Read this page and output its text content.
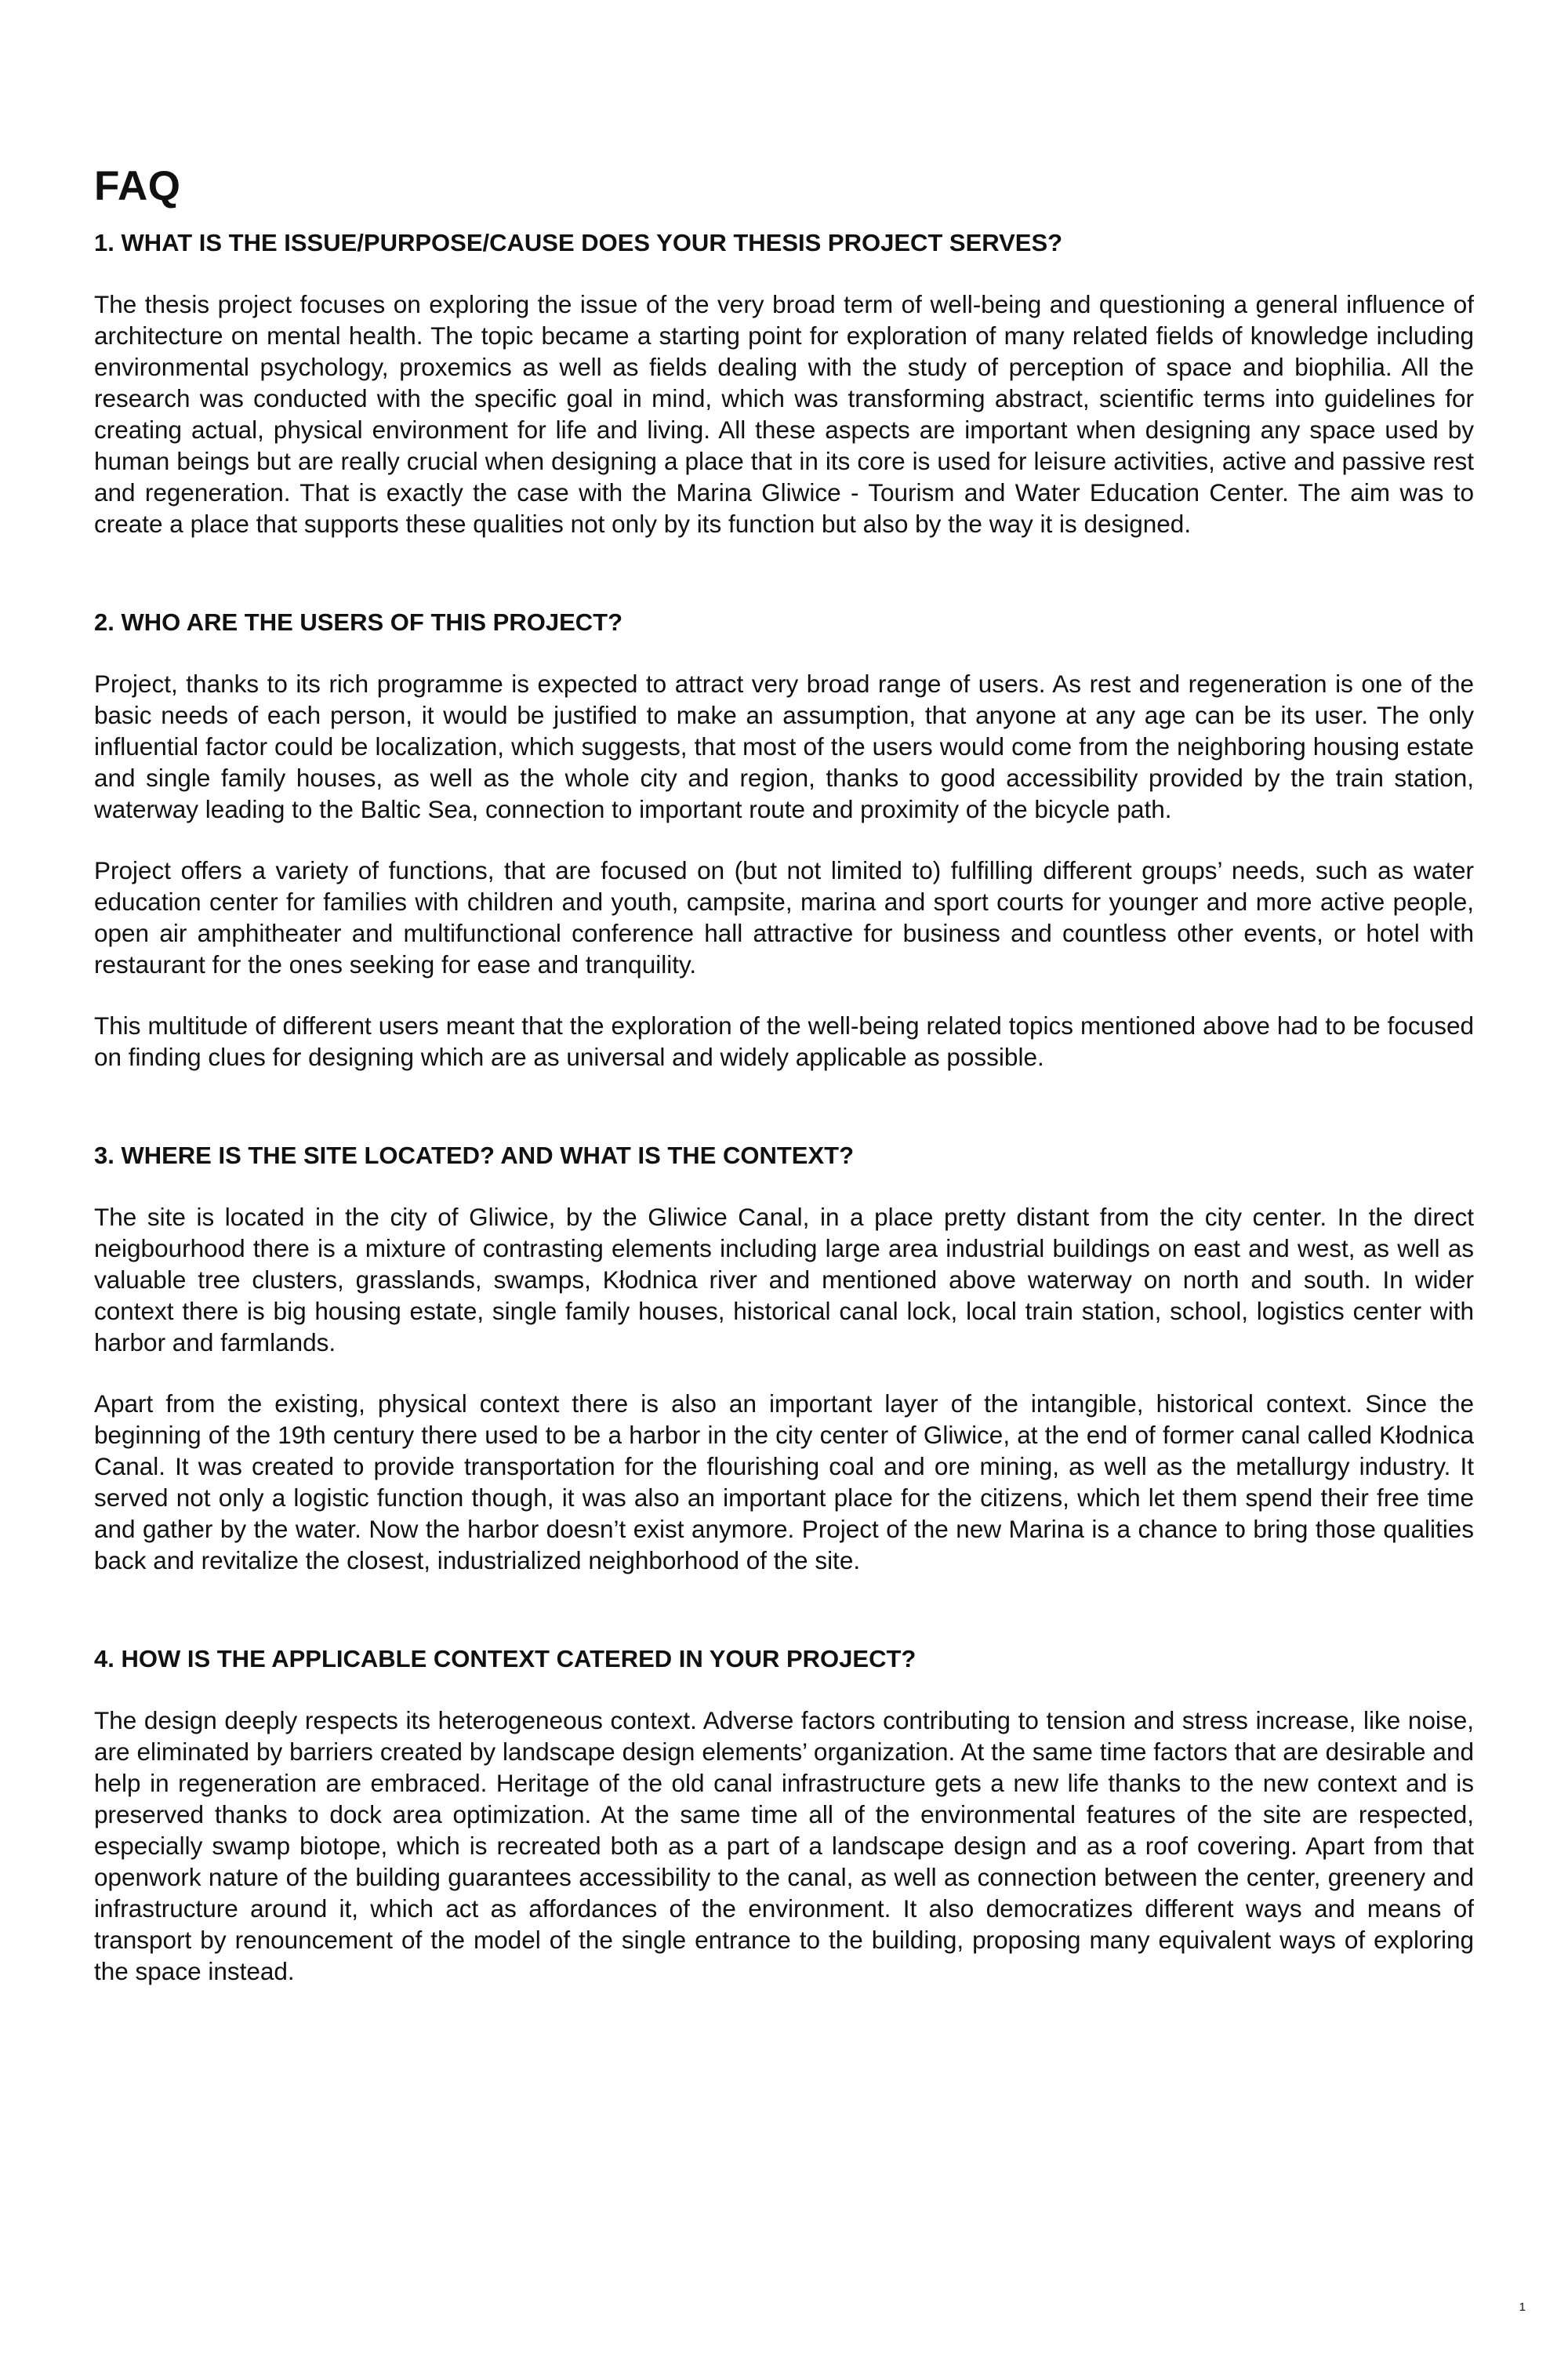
FAQ
1. WHAT IS THE ISSUE/PURPOSE/CAUSE DOES YOUR THESIS PROJECT SERVES?

The thesis project focuses on exploring the issue of the very broad term of well-being and questioning a general influence of architecture on mental health. The topic became a starting point for exploration of many related fields of knowledge including environmental psychology, proxemics as well as fields dealing with the study of perception of space and biophilia. All the research was conducted with the specific goal in mind, which was transforming abstract, scientific terms into guidelines for creating actual, physical environment for life and living. All these aspects are important when designing any space used by human beings but are really crucial when designing a place that in its core is used for leisure activities, active and passive rest and regeneration. That is exactly the case with the Marina Gliwice - Tourism and Water Education Center. The aim was to create a place that supports these qualities not only by its function but also by the way it is designed.

2. WHO ARE THE USERS OF THIS PROJECT?

Project, thanks to its rich programme is expected to attract very broad range of users. As rest and regeneration is one of the basic needs of each person, it would be justified to make an assumption, that anyone at any age can be its user. The only influential factor could be localization, which suggests, that most of the users would come from the neighboring housing estate and single family houses, as well as the whole city and region, thanks to good accessibility provided by the train station, waterway leading to the Baltic Sea, connection to important route and proximity of the bicycle path.

Project offers a variety of functions, that are focused on (but not limited to) fulfilling different groups’ needs, such as water education center for families with children and youth, campsite, marina and sport courts for younger and more active people, open air amphitheater and multifunctional conference hall attractive for business and countless other events, or hotel with restaurant for the ones seeking for ease and tranquility.

This multitude of different users meant that the exploration of the well-being related topics mentioned above had to be focused on finding clues for designing which are as universal and widely applicable as possible.

3. WHERE IS THE SITE LOCATED? AND WHAT IS THE CONTEXT?

The site is located in the city of Gliwice, by the Gliwice Canal, in a place pretty distant from the city center. In the direct neigbourhood there is a mixture of contrasting elements including large area industrial buildings on east and west, as well as valuable tree clusters, grasslands, swamps, Kłodnica river and mentioned above waterway on north and south. In wider context there is big housing estate, single family houses, historical canal lock, local train station, school, logistics center with harbor and farmlands.

Apart from the existing, physical context there is also an important layer of the intangible, historical context. Since the beginning of the 19th century there used to be a harbor in the city center of Gliwice, at the end of former canal called Kłodnica Canal. It was created to provide transportation for the flourishing coal and ore mining, as well as the metallurgy industry. It served not only a logistic function though, it was also an important place for the citizens, which let them spend their free time and gather by the water. Now the harbor doesn’t exist anymore. Project of the new Marina is a chance to bring those qualities back and revitalize the closest, industrialized neighborhood of the site.

4. HOW IS THE APPLICABLE CONTEXT CATERED IN YOUR PROJECT?

The design deeply respects its heterogeneous context. Adverse factors contributing to tension and stress increase, like noise, are eliminated by barriers created by landscape design elements’ organization. At the same time factors that are desirable and help in regeneration are embraced. Heritage of the old canal infrastructure gets a new life thanks to the new context and is preserved thanks to dock area optimization. At the same time all of the environmental features of the site are respected, especially swamp biotope, which is recreated both as a part of a landscape design and as a roof covering. Apart from that openwork nature of the building guarantees accessibility to the canal, as well as connection between the center, greenery and infrastructure around it, which act as affordances of the environment. It also democratizes different ways and means of transport by renouncement of the model of the single entrance to the building, proposing many equivalent ways of exploring the space instead.

1
